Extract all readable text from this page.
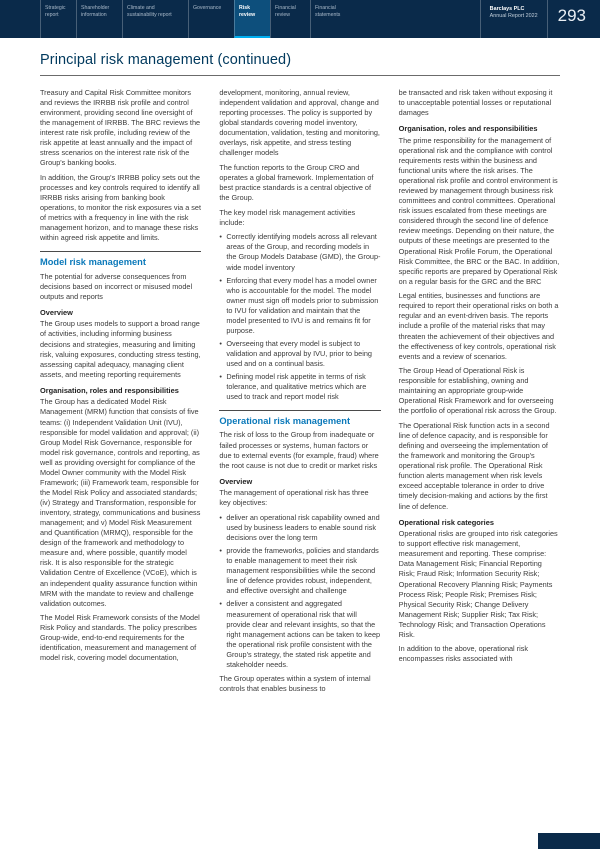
Strategic report
Shareholder information
Climate and sustainability report
Governance	Risk review
Financial review
Financial statements
Barclays PLC
Annual Report 2022	293
Principal risk management (continued)

Treasury and Capital Risk Committee monitors and reviews the IRRBB risk profile and control environment, providing second line oversight of the management of IRRBB. The BRC reviews the interest rate risk profile, including review of the risk appetite at least annually and the impact of stress scenarios on the interest rate risk of the Group's banking books.

In addition, the Group's IRRBB policy sets out the processes and key controls required to identify all IRRBB risks arising from banking book operations, to monitor the risk exposures via a set of metrics with a frequency in line with the risk management horizon, and to manage these risks within agreed risk appetite and limits.

Model risk management

The potential for adverse consequences from decisions based on incorrect or misused model outputs and reports

Overview

The Group uses models to support a broad range of activities, including informing business decisions and strategies, measuring and limiting risk, valuing exposures, conducting stress testing, assessing capital adequacy, managing client assets, and meeting reporting requirements

Organisation, roles and responsibilities

The Group has a dedicated Model Risk Management (MRM) function that consists of five teams: (i) Independent Validation Unit (IVU), responsible for model validation and approval; (ii) Group Model Risk Governance, responsible for model risk governance, controls and reporting, as well as providing oversight for compliance of the Model Owner community with the Model Risk Framework; (iii) Framework team, responsible for the Model Risk Policy and associated standards; (iv) Strategy and Transformation, responsible for inventory, strategy, communications and business management; and v) Model Risk Measurement and Quantification (MRMQ), responsible for the design of the framework and methodology to measure and, where possible, quantify model risk. It is also responsible for the strategic Validation Centre of Excellence (VCoE), which is an independent quality assurance function within MRM with the mandate to review and challenge validation outcomes.

The Model Risk Framework consists of the Model Risk Policy and standards. The policy prescribes Group-wide, end-to-end requirements for the identification, measurement and management of model risk, covering model documentation,

development, monitoring, annual review, independent validation and approval, change and reporting processes. The policy is supported by global standards covering model inventory, documentation, validation, testing and monitoring, overlays, risk appetite, and stress testing challenger models

The function reports to the Group CRO and operates a global framework. Implementation of best practice standards is a central objective of the Group.

The key model risk management activities include:

• Correctly identifying models across all relevant areas of the Group, and recording models in the Group Models Database (GMD), the Group-wide model inventory
• Enforcing that every model has a model owner who is accountable for the model. The model owner must sign off models prior to submission to IVU for validation and maintain that the model presented to IVU is and remains fit for purpose.
• Overseeing that every model is subject to validation and approval by IVU, prior to being used and on a continual basis.
• Defining model risk appetite in terms of risk tolerance, and qualitative metrics which are used to track and report model risk
Operational risk management

The risk of loss to the Group from inadequate or failed processes or systems, human factors or due to external events (for example, fraud) where the root cause is not due to credit or market risks

Overview

The management of operational risk has three key objectives:

• deliver an operational risk capability owned and used by business leaders to enable sound risk decisions over the long term
• provide the frameworks, policies and standards to enable management to meet their risk management responsibilities while the second line of defence provides robust, independent, and effective oversight and challenge
• deliver a consistent and aggregated measurement of operational risk that will provide clear and relevant insights, so that the right management actions can be taken to keep the operational risk profile consistent with the Group's strategy, the stated risk appetite and stakeholder needs.

The Group operates within a system of internal controls that enables business to

be transacted and risk taken without exposing it to unacceptable potential losses or reputational damages

Organisation, roles and responsibilities

The prime responsibility for the management of operational risk and the compliance with control requirements rests within the business and functional units where the risk arises. The operational risk profile and control environment is reviewed by management through business risk committees and control committees. Operational risk issues escalated from these meetings are considered through the second line of defence review meetings. Depending on their nature, the outputs of these meetings are presented to the Operational Risk Profile Forum, the Operational Risk Committee, the BRC or the BAC. In addition, specific reports are prepared by Operational Risk on a regular basis for the GRC and the BRC

Legal entities, businesses and functions are required to report their operational risks on both a regular and an event-driven basis. The reports include a profile of the material risks that may threaten the achievement of their objectives and the effectiveness of key controls, operational risk events and a review of scenarios.

The Group Head of Operational Risk is responsible for establishing, owning and maintaining an appropriate group-wide Operational Risk Framework and for overseeing the portfolio of operational risk across the Group.

The Operational Risk function acts in a second line of defence capacity, and is responsible for defining and overseeing the implementation of the framework and monitoring the Group's operational risk profile. The Operational Risk function alerts management when risk levels exceed acceptable tolerance in order to drive timely decision-making and actions by the first line of defence.

Operational risk categories

Operational risks are grouped into risk categories to support effective risk management, measurement and reporting. These comprise: Data Management Risk; Financial Reporting Risk; Fraud Risk; Information Security Risk; Operational Recovery Planning Risk; Payments Process Risk; People Risk; Premises Risk; Physical Security Risk; Change Delivery Management Risk; Supplier Risk; Tax Risk; Technology Risk; and Transaction Operations Risk.

In addition to the above, operational risk encompasses risks associated with
